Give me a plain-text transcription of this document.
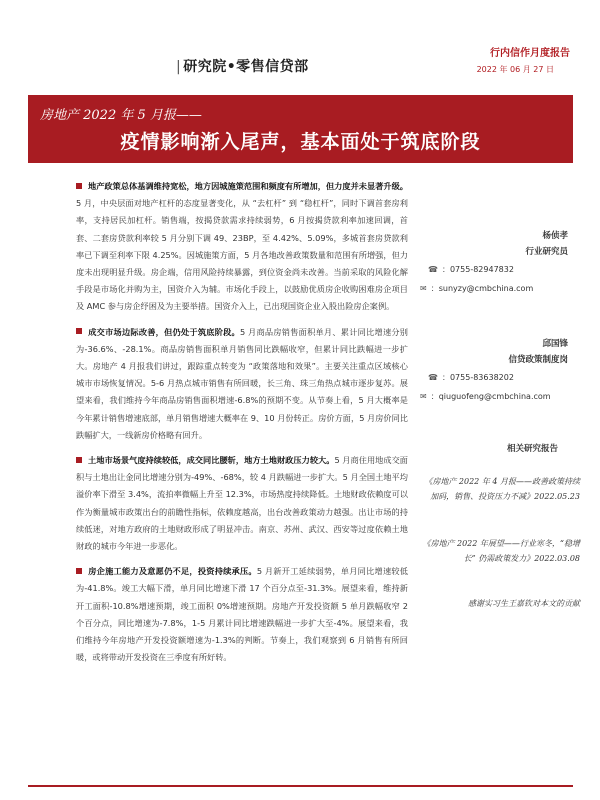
| 研究院•零售信贷部
行内信作月度报告
2022 年 06 月 27 日
房地产 2022 年 5 月报——
疫情影响渐入尾声，基本面处于筑底阶段
地产政策总体基调维持宽松，地方因城施策范围和频度有所增加，但力度并未显著升级。5 月，中央层面对地产杠杆的态度显著变化，从 “去杠杆” 到 “稳杠杆”，同时下调首套房利率，支持居民加杠杆。销售端，按揭贷款需求持续弱势，6 月按揭贷款利率加速回调，首套、二套房贷款利率较 5 月分别下调 49、23BP，至 4.42%、5.09%，多城首套房贷款利率已下调至利率下限 4.25%。因城施策方面，5 月各地改善政策数量和范围有所增强，但力度未出现明显升级。房企端，信用风险持续暴露，到位资金尚未改善。当前采取的风险化解手段是市场化并购为主，国资介入为辅。市场化手段上，以鼓励优质房企收购困难房企项目及 AMC 参与房企纾困及为主要举措。国资介入上，已出现国资企业入股出险房企案例。
成交市场边际改善，但仍处于筑底阶段。5 月商品房销售面积单月、累计同比增速分别为-36.6%、-28.1%。商品房销售面积单月销售同比跌幅收窄，但累计同比跌幅进一步扩大。房地产 4 月报我们讲过，跟踪重点转变为 “政策落地和效果”。主要关注重点区域核心城市市场恢复情况。5-6 月热点城市销售有所回暖，长三角、珠三角热点城市逐步复苏。展望来看，我们维持今年商品房销售面积增速-6.8%的预期不变。从节奏上看，5 月大概率是今年累计销售增速底部，单月销售增速大概率在 9、10 月份转正。房价方面，5 月房价同比跌幅扩大，一线新房价格略有回升。
土地市场景气度持续较低，成交同比腰斩，地方土地财政压力较大。5 月商住用地成交面积与土地出让金同比增速分别为-49%、-68%，较 4 月跌幅进一步扩大。5 月全国土地平均溢价率下滑至 3.4%，流拍率微幅上升至 12.3%，市场热度持续降低。土地财政依赖度可以作为衡量城市政策出台的前瞻性指标，依赖度越高，出台改善政策动力越强。出让市场的持续低迷，对地方政府的土地财政形成了明显冲击。南京、苏州、武汉、西安等过度依赖土地财政的城市今年进一步恶化。
房企施工能力及意愿仍不足，投资持续承压。5 月新开工延续弱势，单月同比增速较低为-41.8%。竣工大幅下滑，单月同比增速下滑 17 个百分点至-31.3%。展望来看，维持新开工面积-10.8%增速预期，竣工面积 0%增速预期。房地产开发投资额 5 单月跌幅收窄 2 个百分点，同比增速为-7.8%，1-5 月累计同比增速跌幅进一步扩大至-4%。展望来看，我们维持今年房地产开发投资额增速为-1.3%的判断。节奏上，我们观察到 6 月销售有所回暖，或将带动开发投资在三季度有所好转。
杨侦孝
行业研究员
☎ ：0755-82947832
✉ ：sunyzy@cmbchina.com
邱国锋
信贷政策制度岗
☎ ：0755-83638202
✉ ：qiuguofeng@cmbchina.com
相关研究报告
《房地产 2022 年 4 月报——政善政策持续加码，销售、投资压力不减》2022.05.23
《房地产 2022 年展望——行业寒冬，“稳增长” 仍需政策发力》2022.03.08
感谢实习生王嘉钦对本文的贡献
